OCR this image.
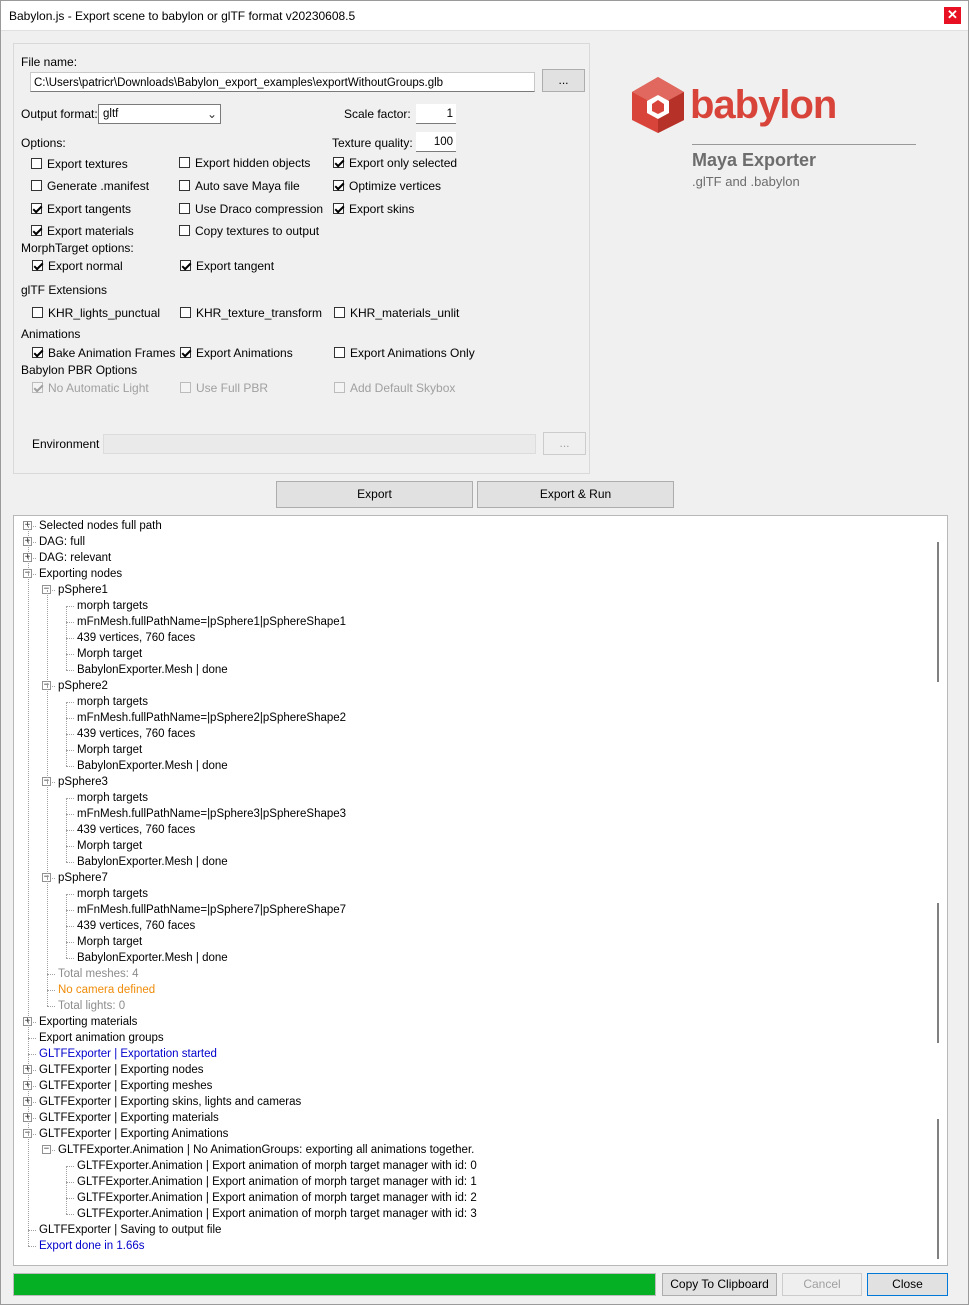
Babylon.js - Export scene to babylon or glTF format v20230608.5	✕
File name:
C:\Users\patricr\Downloads\Babylon_export_examples\exportWithoutGroups.glb	...
Output format: gltf	⌄	Scale factor:	1
Options:	Texture quality:	100
Export textures	Export hidden objects	Export only selected
Generate .manifest	Auto save Maya file	Optimize vertices
Export tangents	Use Draco compression	Export skins
Export materials	Copy textures to output
MorphTarget options:
Export normal	Export tangent
glTF Extensions
KHR_lights_punctual	KHR_texture_transform	KHR_materials_unlit
Animations
Bake Animation Frames	Export Animations	Export Animations Only
Babylon PBR Options
No Automatic Light	Use Full PBR	Add Default Skybox
Environment	...
babylon
Maya Exporter
.glTF and .babylon
Export	Export & Run
+ Selected nodes full path
+ DAG: full
+ DAG: relevant
− Exporting nodes
− pSphere1
morph targets
mFnMesh.fullPathName=|pSphere1|pSphereShape1
439 vertices, 760 faces
Morph target
BabylonExporter.Mesh | done
− pSphere2
morph targets
mFnMesh.fullPathName=|pSphere2|pSphereShape2
439 vertices, 760 faces
Morph target
BabylonExporter.Mesh | done
− pSphere3
morph targets
mFnMesh.fullPathName=|pSphere3|pSphereShape3
439 vertices, 760 faces
Morph target
BabylonExporter.Mesh | done
− pSphere7
morph targets
mFnMesh.fullPathName=|pSphere7|pSphereShape7
439 vertices, 760 faces
Morph target
BabylonExporter.Mesh | done
Total meshes: 4
No camera defined
Total lights: 0
+ Exporting materials
Export animation groups
GLTFExporter | Exportation started
+ GLTFExporter | Exporting nodes
+ GLTFExporter | Exporting meshes
+ GLTFExporter | Exporting skins, lights and cameras
+ GLTFExporter | Exporting materials
− GLTFExporter | Exporting Animations
− GLTFExporter.Animation | No AnimationGroups: exporting all animations together.
GLTFExporter.Animation | Export animation of morph target manager with id: 0
GLTFExporter.Animation | Export animation of morph target manager with id: 1
GLTFExporter.Animation | Export animation of morph target manager with id: 2
GLTFExporter.Animation | Export animation of morph target manager with id: 3
GLTFExporter | Saving to output file
Export done in 1.66s
Copy To Clipboard	Cancel	Close
